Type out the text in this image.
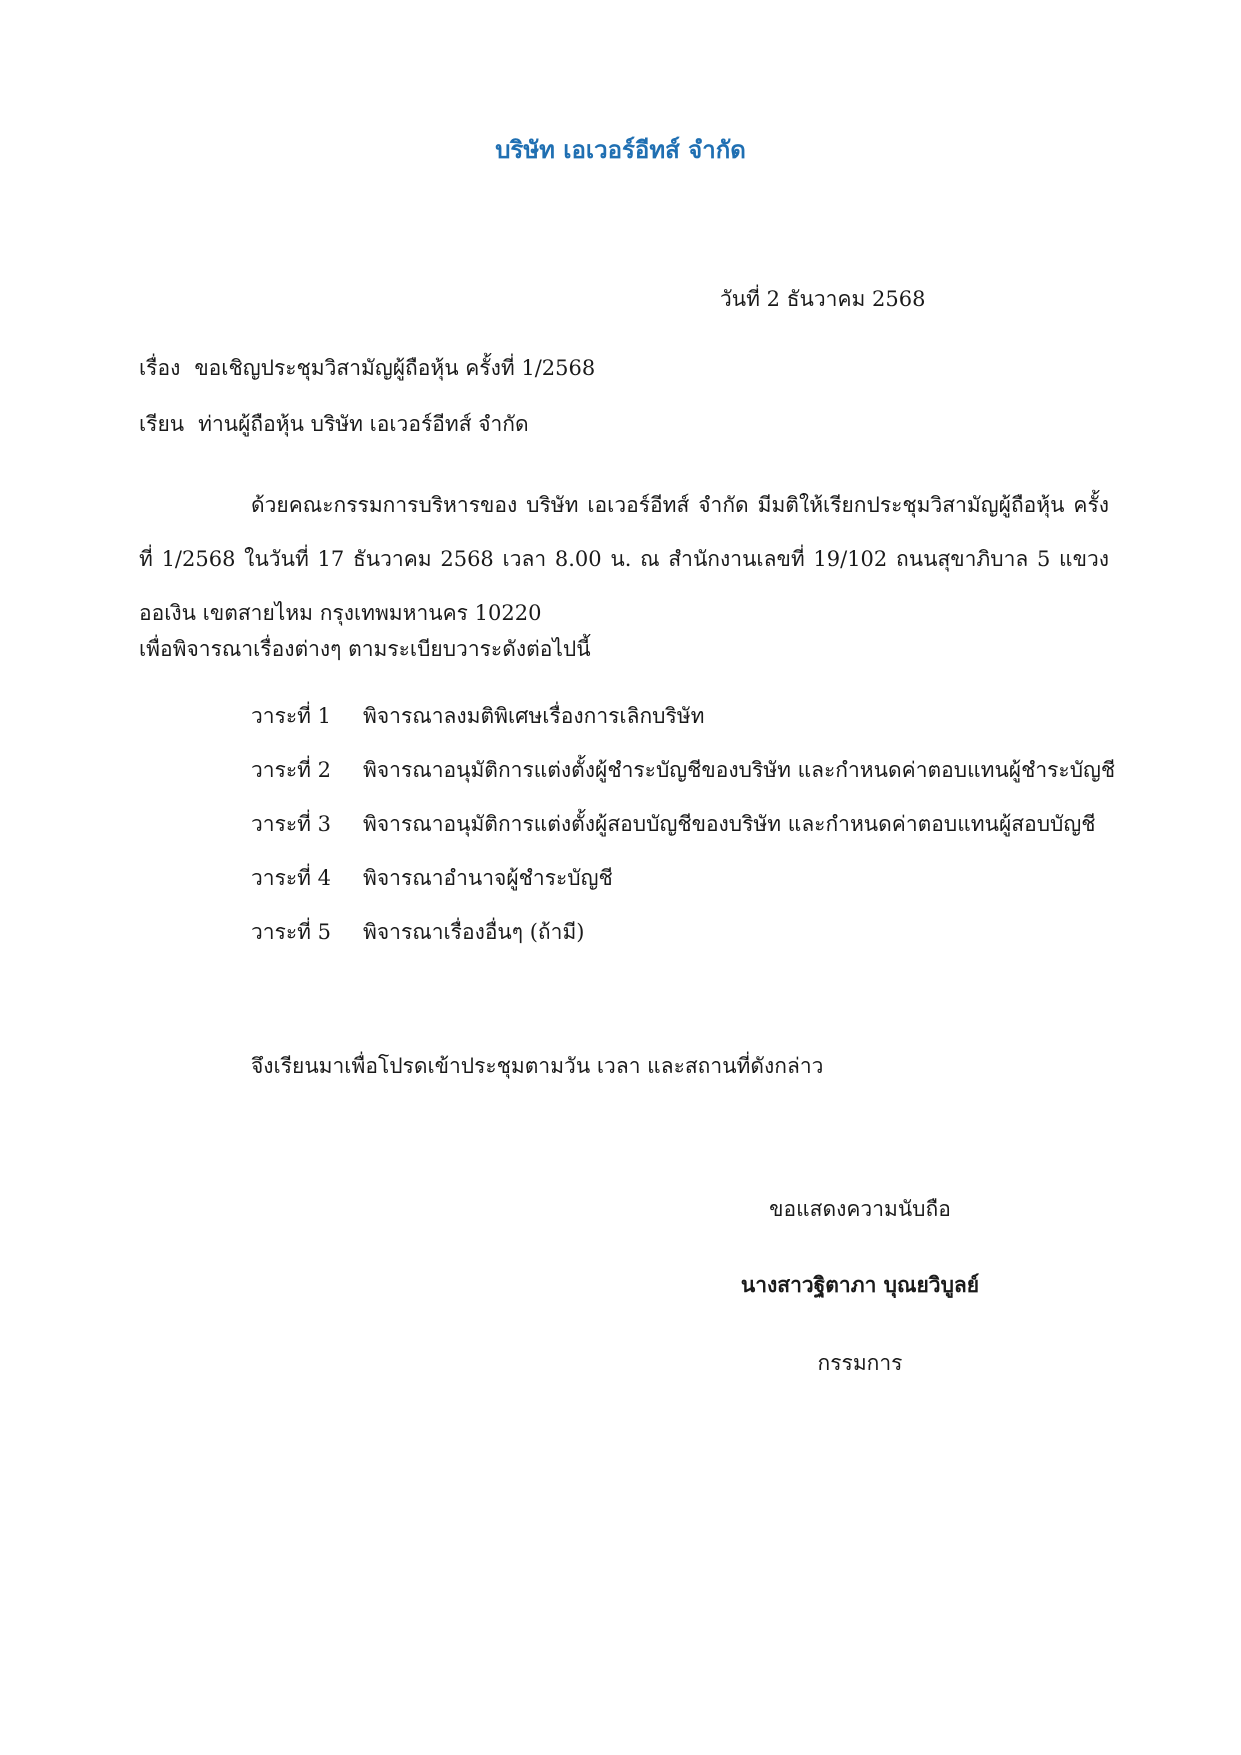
บริษัท เอเวอร์อีทส์ จำกัด
วันที่ 2 ธันวาคม 2568
เรื่อง ขอเชิญประชุมวิสามัญผู้ถือหุ้น ครั้งที่ 1/2568
เรียน ท่านผู้ถือหุ้น บริษัท เอเวอร์อีทส์ จำกัด
ด้วยคณะกรรมการบริหารของ บริษัท เอเวอร์อีทส์ จำกัด มีมติให้เรียกประชุมวิสามัญผู้ถือหุ้น ครั้งที่ 1/2568 ในวันที่ 17 ธันวาคม 2568 เวลา 8.00 น. ณ สำนักงานเลขที่ 19/102 ถนนสุขาภิบาล 5 แขวงออเงิน เขตสายไหม กรุงเทพมหานคร 10220
เพื่อพิจารณาเรื่องต่างๆ ตามระเบียบวาระดังต่อไปนี้
วาระที่ 1 พิจารณาลงมติพิเศษเรื่องการเลิกบริษัท
วาระที่ 2 พิจารณาอนุมัติการแต่งตั้งผู้ชำระบัญชีของบริษัท และกำหนดค่าตอบแทนผู้ชำระบัญชี
วาระที่ 3 พิจารณาอนุมัติการแต่งตั้งผู้สอบบัญชีของบริษัท และกำหนดค่าตอบแทนผู้สอบบัญชี
วาระที่ 4 พิจารณาอำนาจผู้ชำระบัญชี
วาระที่ 5 พิจารณาเรื่องอื่นๆ (ถ้ามี)
จึงเรียนมาเพื่อโปรดเข้าประชุมตามวัน เวลา และสถานที่ดังกล่าว
ขอแสดงความนับถือ
นางสาวฐิตาภา บุณยวิบูลย์
กรรมการ
